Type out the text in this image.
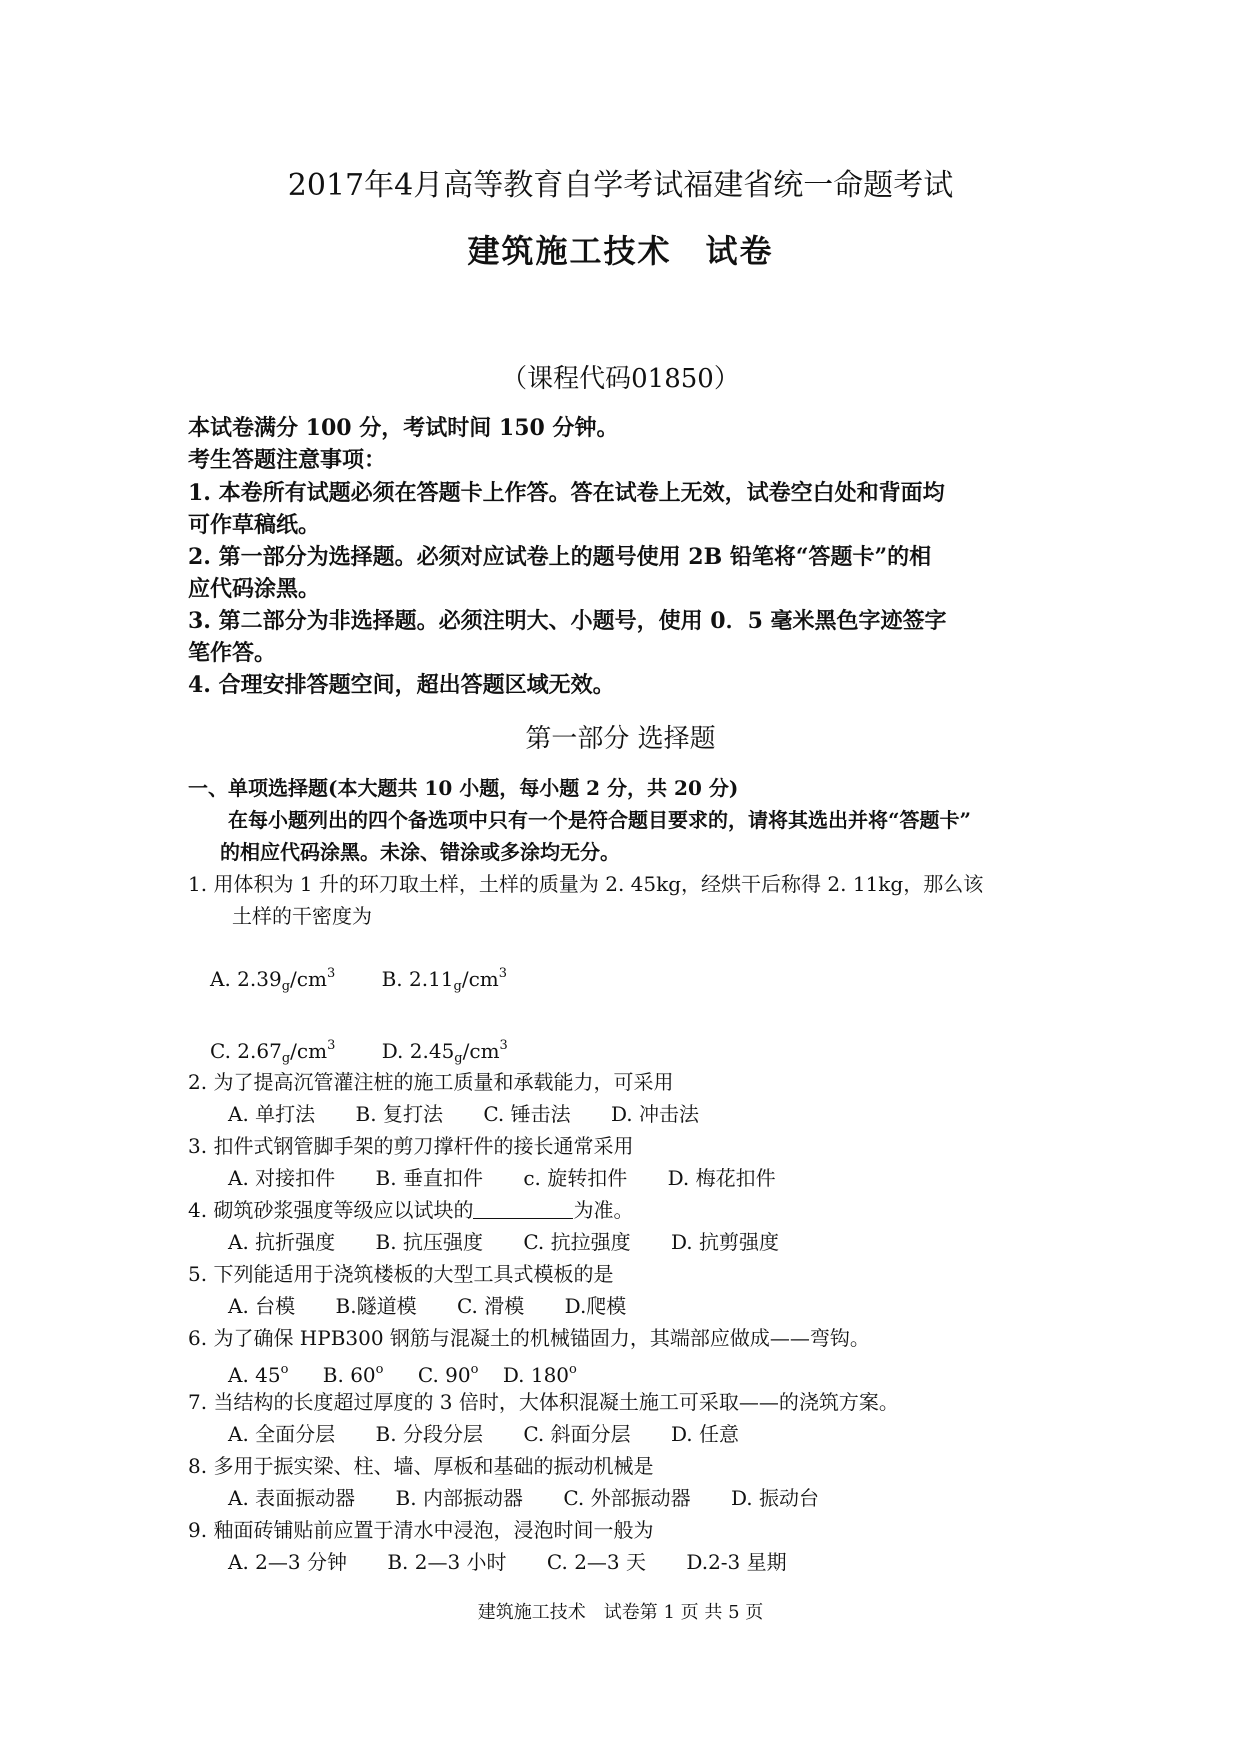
2017年4月高等教育自学考试福建省统一命题考试
建筑施工技术　试卷
（课程代码01850）
本试卷满分 100 分，考试时间 150 分钟。
考生答题注意事项：
1. 本卷所有试题必须在答题卡上作答。答在试卷上无效，试卷空白处和背面均
可作草稿纸。
2. 第一部分为选择题。必须对应试卷上的题号使用 2B 铅笔将“答题卡”的相
应代码涂黑。
3. 第二部分为非选择题。必须注明大、小题号，使用 0．5 毫米黑色字迹签字
笔作答。
4. 合理安排答题空间，超出答题区域无效。
第一部分 选择题
一、单项选择题(本大题共 10 小题，每小题 2 分，共 20 分)
在每小题列出的四个备选项中只有一个是符合题目要求的，请将其选出并将“答题卡”
的相应代码涂黑。未涂、错涂或多涂均无分。
1. 用体积为 1 升的环刀取土样，土样的质量为 2. 45kg，经烘干后称得 2. 11kg，那么该
土样的干密度为
A. $2.39_g/cm^3$ B. $2.11_g/cm^3$
C. $2.67_g/cm^3$ D. $2.45_g/cm^3$
2. 为了提高沉管灌注桩的施工质量和承载能力，可采用
A. 单打法 B. 复打法 C. 锤击法 D. 冲击法
3. 扣件式钢管脚手架的剪刀撑杆件的接长通常采用
A. 对接扣件 B. 垂直扣件 c. 旋转扣件 D. 梅花扣件
4. 砌筑砂浆强度等级应以试块的	为准。
A. 抗折强度 B. 抗压强度 C. 抗拉强度 D. 抗剪强度
5. 下列能适用于浇筑楼板的大型工具式模板的是
A. 台模 B.隧道模 C. 滑模 D.爬模
6. 为了确保 HPB300 钢筋与混凝土的机械锚固力，其端部应做成——弯钩。
A. 45$^o$ B. 60$^o$ C. 90$^o$ D. 180$^o$
7. 当结构的长度超过厚度的 3 倍时，大体积混凝土施工可采取——的浇筑方案。
A. 全面分层 B. 分段分层 C. 斜面分层 D. 任意
8. 多用于振实梁、柱、墙、厚板和基础的振动机械是
A. 表面振动器 B. 内部振动器 C. 外部振动器 D. 振动台
9. 釉面砖铺贴前应置于清水中浸泡，浸泡时间一般为
A. 2—3 分钟 B. 2—3 小时 C. 2—3 天 D.2-3 星期
建筑施工技术　试卷第 1 页 共 5 页
